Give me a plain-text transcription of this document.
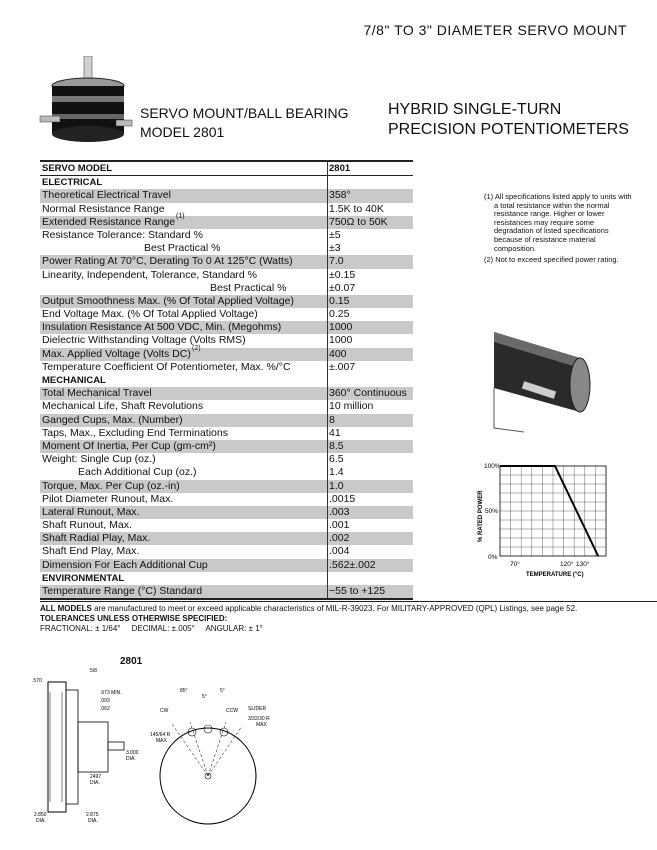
7/8" TO 3" DIAMETER SERVO MOUNT
SERVO MOUNT/BALL BEARING
MODEL 2801
HYBRID SINGLE-TURN
PRECISION POTENTIOMETERS
SERVO MODEL	2801
ELECTRICAL
Theoretical Electrical Travel	358°
Normal Resistance Range	1.5K to 40K
Extended Resistance Range (1)	750Ω to 50K
Resistance Tolerance: Standard %	±5
Best Practical %	±3
Power Rating At 70°C, Derating To 0 At 125°C (Watts)	7.0
Linearity, Independent, Tolerance, Standard %	±0.15
Best Practical %	±0.07
Output Smoothness Max. (% Of Total Applied Voltage)	0.15
End Voltage Max. (% Of Total Applied Voltage)	0.25
Insulation Resistance At 500 VDC, Min. (Megohms)	1000
Dielectric Withstanding Voltage (Volts RMS)	1000
Max. Applied Voltage (Volts DC) (2)	400
Temperature Coefficient Of Potentiometer, Max. %/°C	±.007
MECHANICAL
Total Mechanical Travel	360° Continuous
Mechanical Life, Shaft Revolutions	10 million
Ganged Cups, Max. (Number)	8
Taps, Max., Excluding End Terminations	41
Moment Of Inertia, Per Cup (gm-cm²)	8.5
Weight: Single Cup (oz.)	6.5
Each Additional Cup (oz.)	1.4
Torque, Max. Per Cup (oz.-in)	1.0
Pilot Diameter Runout, Max.	.0015
Lateral Runout, Max.	.003
Shaft Runout, Max.	.001
Shaft Radial Play, Max.	.002
Shaft End Play, Max.	.004
Dimension For Each Additional Cup	.562±.002
ENVIRONMENTAL
Temperature Range (°C) Standard	−55 to +125
(1) All specifications listed apply to units with a total resistance within the normal resistance range. Higher or lower resistances may require some degradation of listed specifications because of resistance material composition.
(2) Not to exceed specified power rating.
% RATED POWER
100%
50%
0%
70°	120° 130°
TEMPERATURE (°C)
ALL MODELS are manufactured to meet or exceed applicable characteristics of MIL-R-39023. For MILITARY-APPROVED (QPL) Listings, see page 52.
TOLERANCES UNLESS OTHERWISE SPECIFIED:
FRACTIONAL: ± 1/64° DECIMAL: ±.005° ANGULAR: ± 1°
2801
5/8
.570
.673 MIN.
.093
.062
2497
DIA.
3.000
DIA.
2.850
DIA.
2.875
DIA.
85°
5°
5°
CW	CCW SLIDER
3/32/30 R
MAX
145/64 R
MAX
